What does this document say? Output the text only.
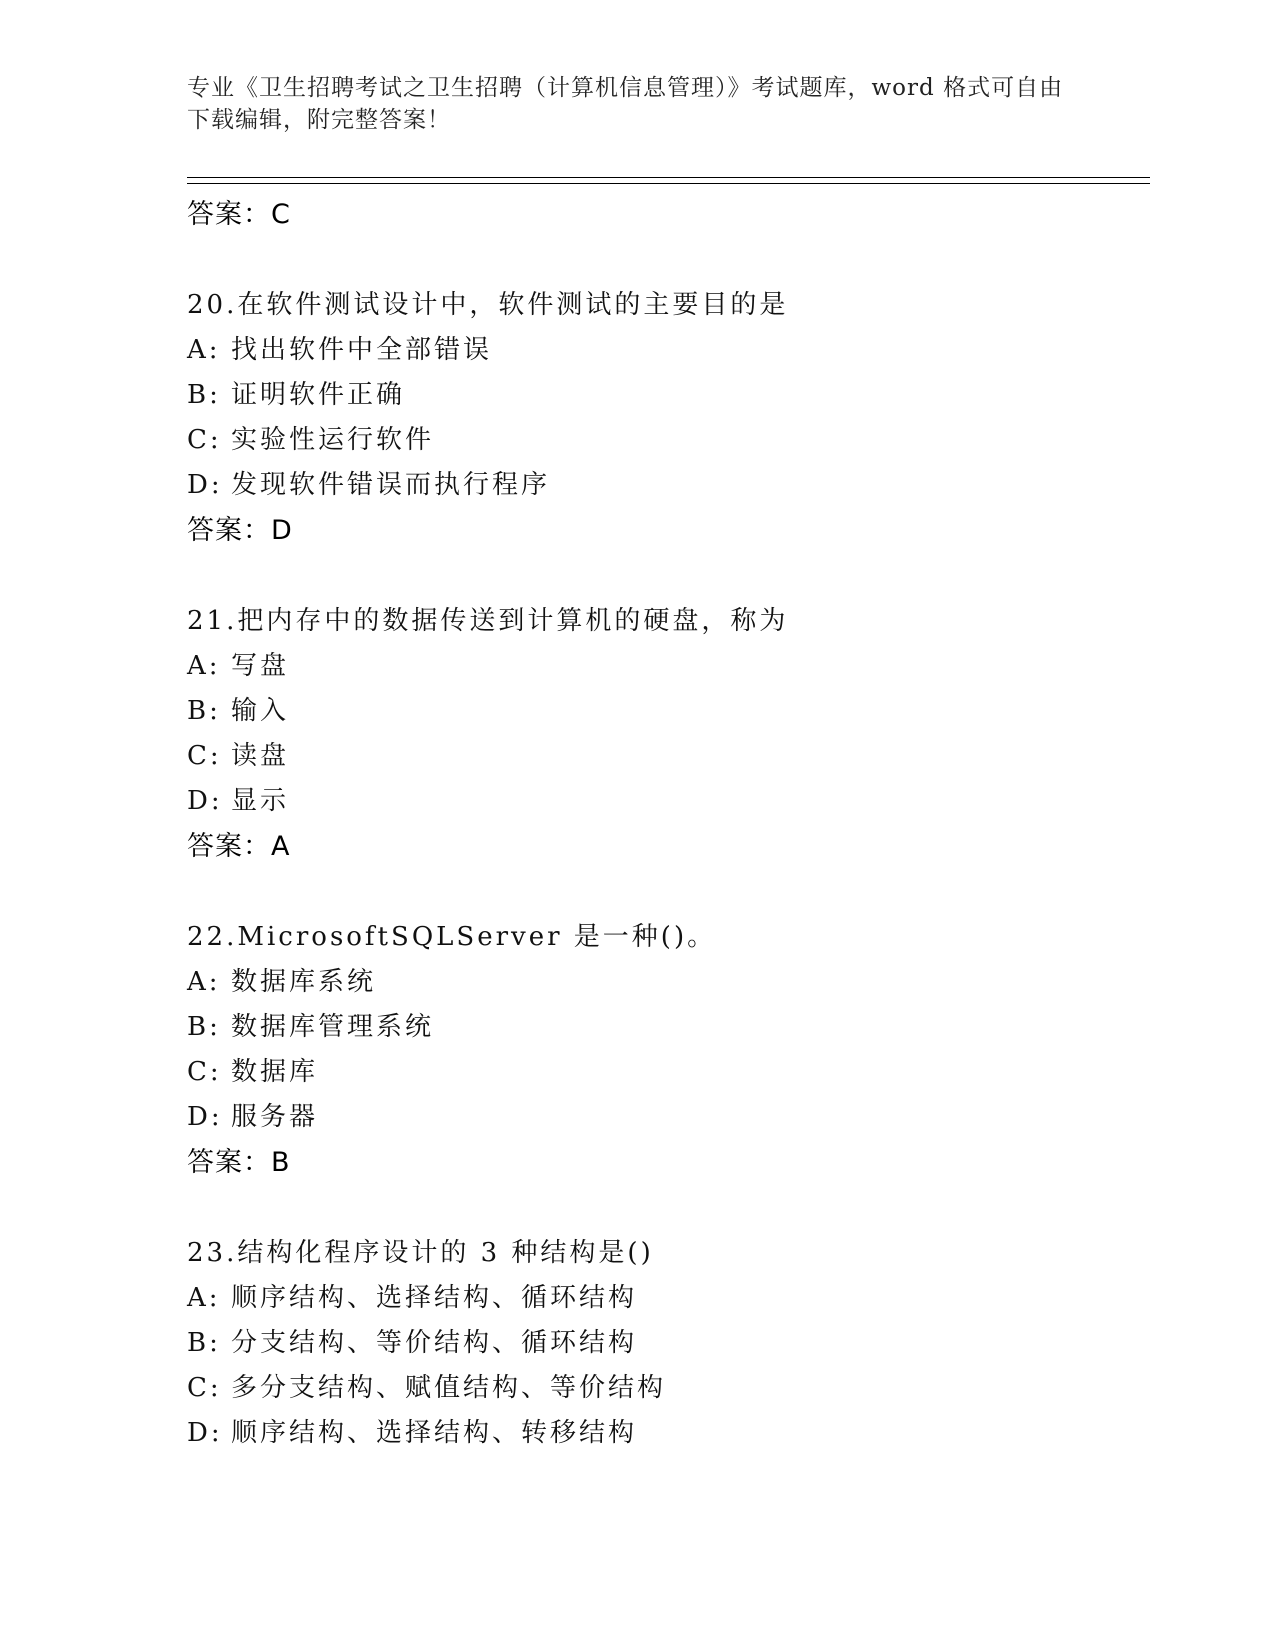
专业《卫生招聘考试之卫生招聘（计算机信息管理）》考试题库，word 格式可自由下载编辑，附完整答案！
答案：C
20.在软件测试设计中，软件测试的主要目的是
A: 找出软件中全部错误
B: 证明软件正确
C: 实验性运行软件
D: 发现软件错误而执行程序
答案：D
21.把内存中的数据传送到计算机的硬盘，称为
A: 写盘
B: 输入
C: 读盘
D: 显示
答案：A
22.MicrosoftSQLServer 是一种()。
A: 数据库系统
B: 数据库管理系统
C: 数据库
D: 服务器
答案：B
23.结构化程序设计的 3 种结构是()
A: 顺序结构、选择结构、循环结构
B: 分支结构、等价结构、循环结构
C: 多分支结构、赋值结构、等价结构
D: 顺序结构、选择结构、转移结构
